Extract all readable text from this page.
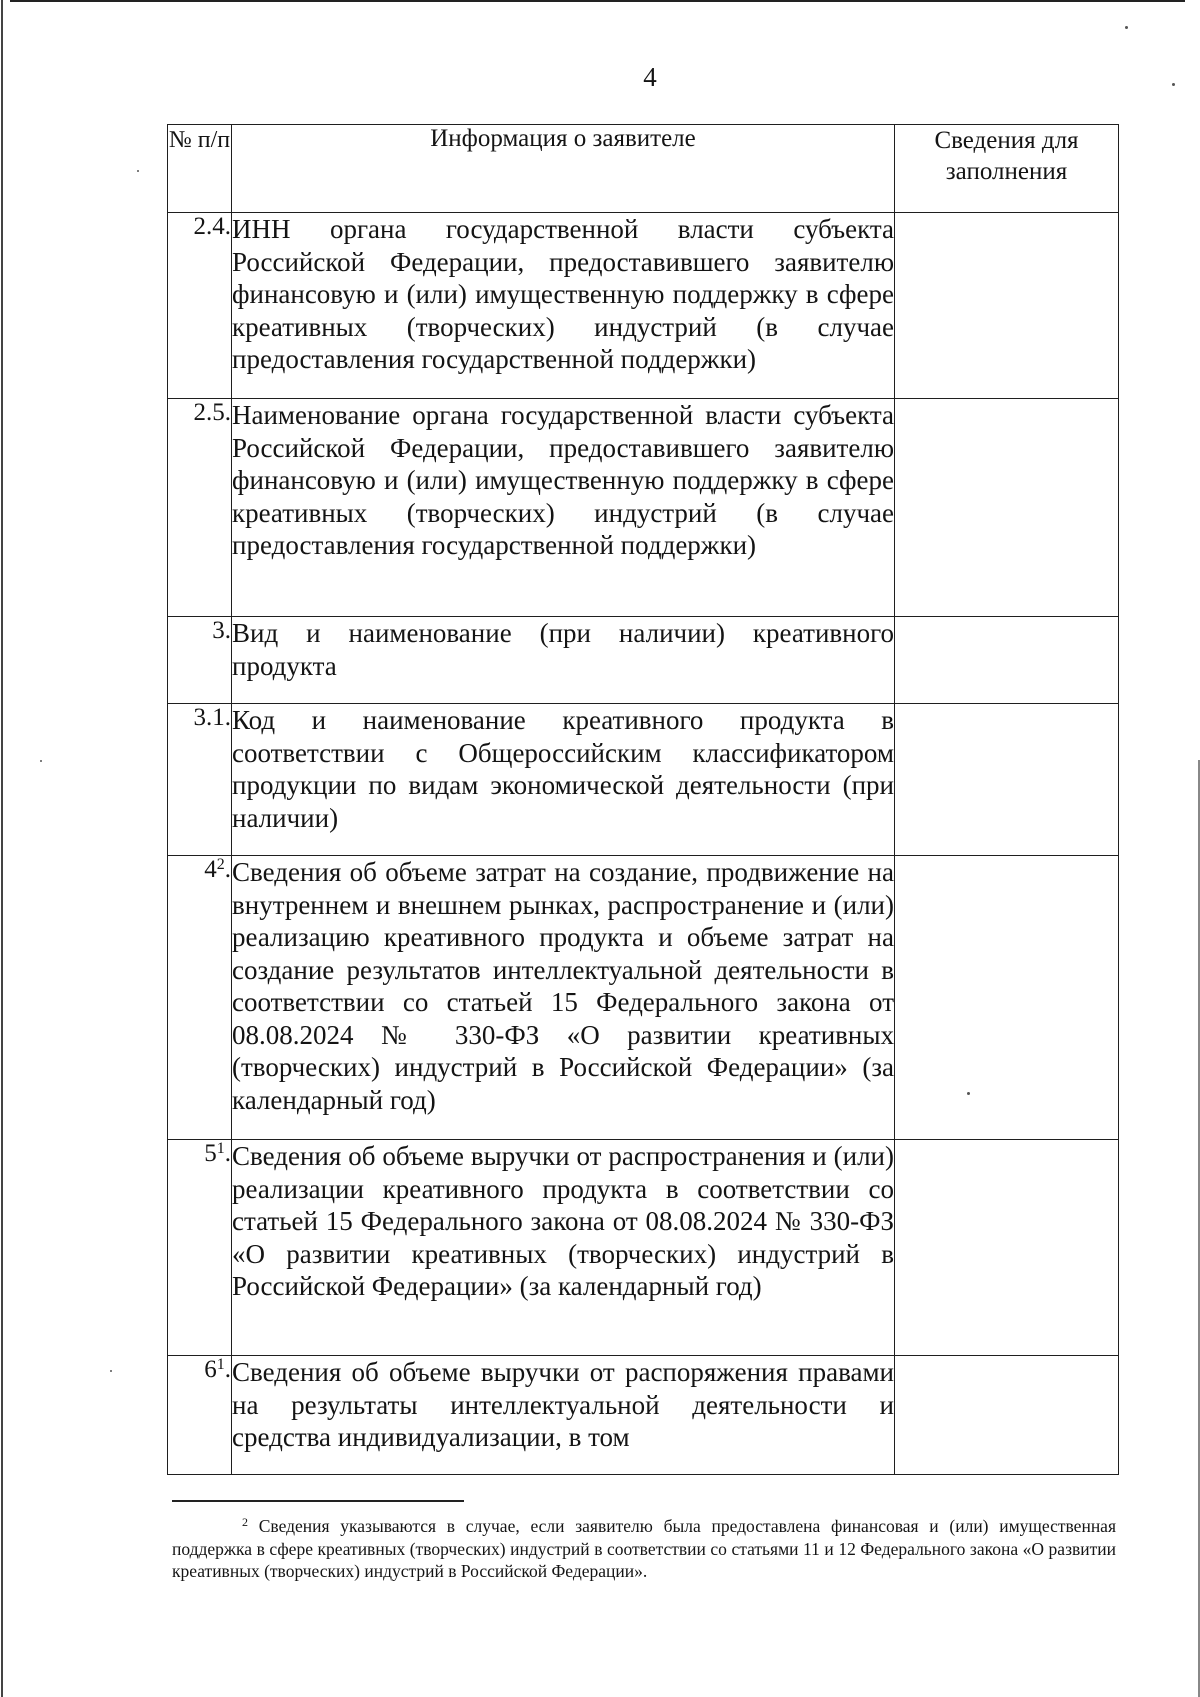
4
№ п/п	Информация о заявителе	Сведения для заполнения
2.4.	ИНН органа государственной власти субъекта Российской Федерации, предоставившего заявителю финансовую и (или) имущественную поддержку в сфере креативных (творческих) индустрий (в случае предоставления государственной поддержки)	
2.5.	Наименование органа государственной власти субъекта Российской Федерации, предоставившего заявителю финансовую и (или) имущественную поддержку в сфере креативных (творческих) индустрий (в случае предоставления государственной поддержки)	
3.	Вид и наименование (при наличии) креативного продукта	
3.1.	Код и наименование креативного продукта в соответствии с Общероссийским классификатором продукции по видам экономической деятельности (при наличии)	
$4^2$.	Сведения об объеме затрат на создание, продвижение на внутреннем и внешнем рынках, распространение и (или) реализацию креативного продукта и объеме затрат на создание результатов интеллектуальной деятельности в соответствии со статьей 15 Федерального закона от 08.08.2024 № 330-ФЗ «О развитии креативных (творческих) индустрий в Российской Федерации» (за календарный год)	
$5^1$.	Сведения об объеме выручки от распространения и (или) реализации креативного продукта в соответствии со статьей 15 Федерального закона от 08.08.2024 № 330-ФЗ «О развитии креативных (творческих) индустрий в Российской Федерации» (за календарный год)	
$6^1$.	Сведения об объеме выручки от распоряжения правами на результаты интеллектуальной деятельности и средства индивидуализации, в том	
$^2$ Сведения указываются в случае, если заявителю была предоставлена финансовая и (или) имущественная поддержка в сфере креативных (творческих) индустрий в соответствии со статьями 11 и 12 Федерального закона «О развитии креативных (творческих) индустрий в Российской Федерации».
